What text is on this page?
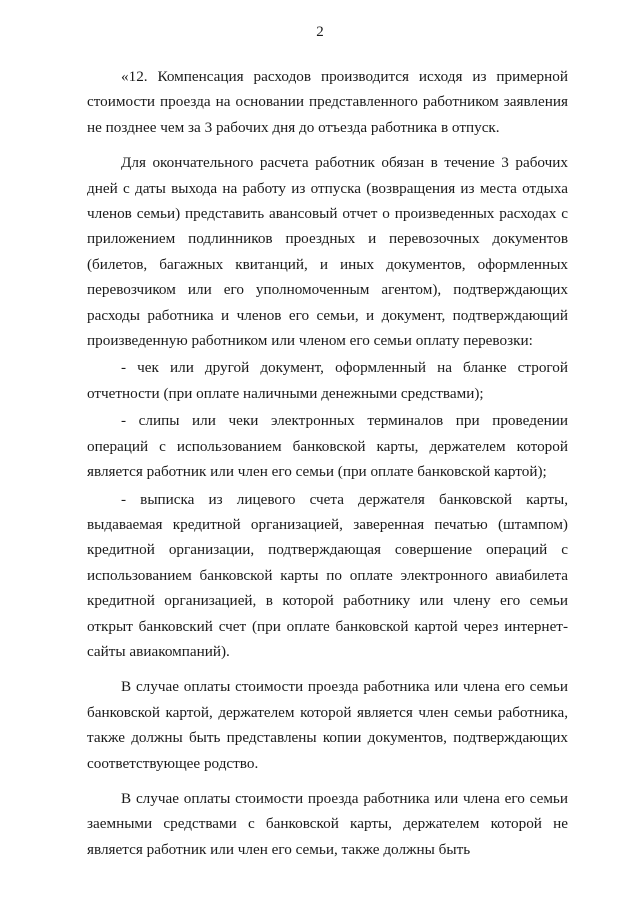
2

«12. Компенсация расходов производится исходя из примерной стоимости проезда на основании представленного работником заявления не позднее чем за 3 рабочих дня до отъезда работника в отпуск.

Для окончательного расчета работник обязан в течение 3 рабочих дней с даты выхода на работу из отпуска (возвращения из места отдыха членов семьи) представить авансовый отчет о произведенных расходах с приложением подлинников проездных и перевозочных документов (билетов, багажных квитанций, и иных документов, оформленных перевозчиком или его уполномоченным агентом), подтверждающих расходы работника и членов его семьи, и документ, подтверждающий произведенную работником или членом его семьи оплату перевозки:

- чек или другой документ, оформленный на бланке строгой отчетности (при оплате наличными денежными средствами);

- слипы или чеки электронных терминалов при проведении операций с использованием банковской карты, держателем которой является работник или член его семьи (при оплате банковской картой);

- выписка из лицевого счета держателя банковской карты, выдаваемая кредитной организацией, заверенная печатью (штампом) кредитной организации, подтверждающая совершение операций с использованием банковской карты по оплате электронного авиабилета кредитной организацией, в которой работнику или члену его семьи открыт банковский счет (при оплате банковской картой через интернет-сайты авиакомпаний).

В случае оплаты стоимости проезда работника или члена его семьи банковской картой, держателем которой является член семьи работника, также должны быть представлены копии документов, подтверждающих соответствующее родство.

В случае оплаты стоимости проезда работника или члена его семьи заемными средствами с банковской карты, держателем которой не является работник или член его семьи, также должны быть
